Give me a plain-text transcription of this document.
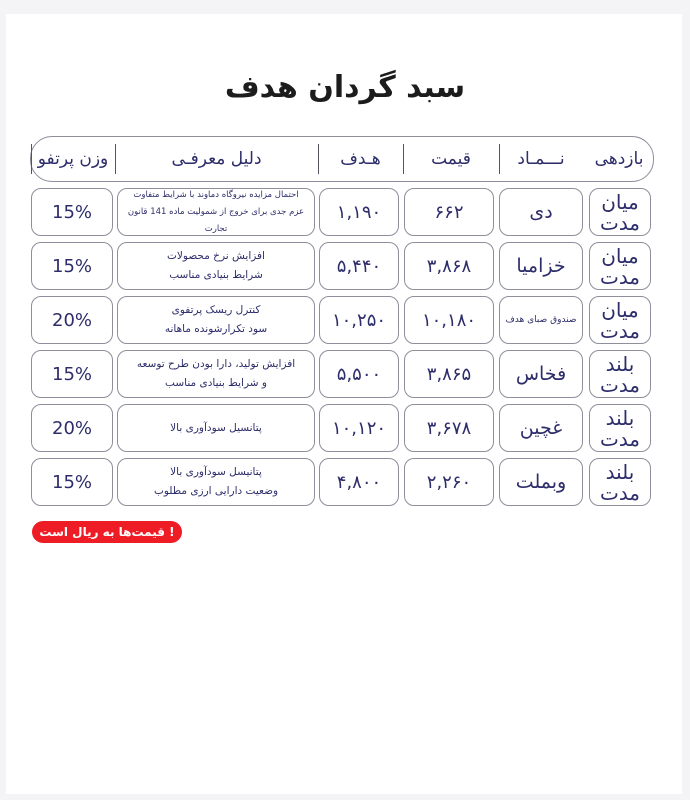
سبد گردان هدف
بازدهی
نـــمـاد
قیمت
هـدف
دلیل معرفـی
وزن پرتفو
میان
مدت
دی
۶۶۲
۱,۱۹۰
احتمال مزایده نیروگاه دماوند با شرایط متفاوت
عزم جدی برای خروج از شمولیت ماده 141 قانون تجارت
15%
میان
مدت
خزامیا
۳,۸۶۸
۵,۴۴۰
افزایش نرخ محصولات
شرایط بنیادی مناسب
15%
میان
مدت
صندوق صبای هدف
۱۰,۱۸۰
۱۰,۲۵۰
کنترل ریسک پرتفوی
سود تکرارشونده ماهانه
20%
بلند
مدت
فخاس
۳,۸۶۵
۵,۵۰۰
افزایش تولید، دارا بودن طرح توسعه
و شرایط بنیادی مناسب
15%
بلند
مدت
غچین
۳,۶۷۸
۱۰,۱۲۰
پتانسیل سودآوری بالا
20%
بلند
مدت
وبملت
۲,۲۶۰
۴,۸۰۰
پتانیسل سودآوری بالا
وضعیت دارایی ارزی مطلوب
15%
! قیمت‌ها به ریال است
